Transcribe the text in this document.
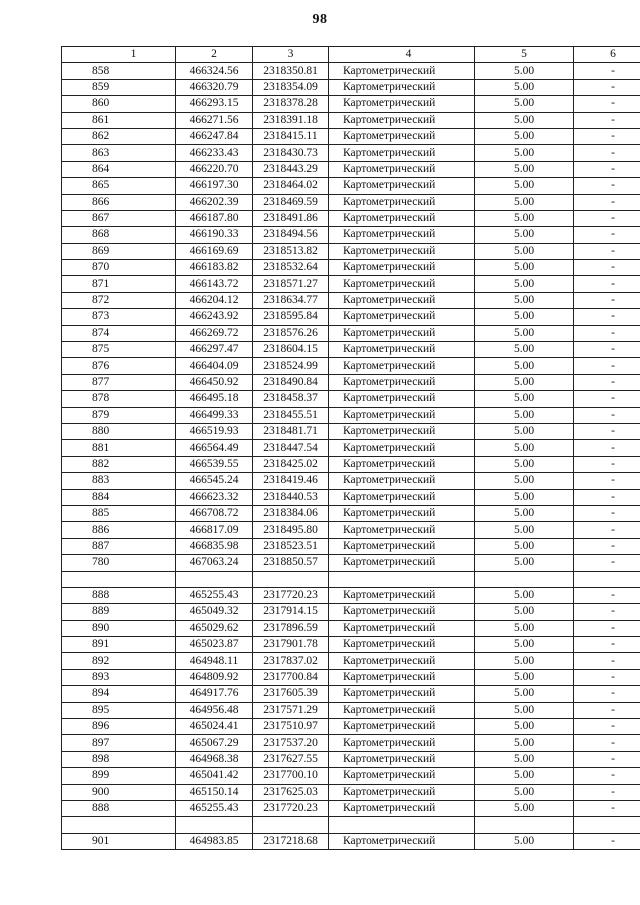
98
1	2	3	4	5	6
858	466324.56	2318350.81	Картометрический	5.00	-
859	466320.79	2318354.09	Картометрический	5.00	-
860	466293.15	2318378.28	Картометрический	5.00	-
861	466271.56	2318391.18	Картометрический	5.00	-
862	466247.84	2318415.11	Картометрический	5.00	-
863	466233.43	2318430.73	Картометрический	5.00	-
864	466220.70	2318443.29	Картометрический	5.00	-
865	466197.30	2318464.02	Картометрический	5.00	-
866	466202.39	2318469.59	Картометрический	5.00	-
867	466187.80	2318491.86	Картометрический	5.00	-
868	466190.33	2318494.56	Картометрический	5.00	-
869	466169.69	2318513.82	Картометрический	5.00	-
870	466183.82	2318532.64	Картометрический	5.00	-
871	466143.72	2318571.27	Картометрический	5.00	-
872	466204.12	2318634.77	Картометрический	5.00	-
873	466243.92	2318595.84	Картометрический	5.00	-
874	466269.72	2318576.26	Картометрический	5.00	-
875	466297.47	2318604.15	Картометрический	5.00	-
876	466404.09	2318524.99	Картометрический	5.00	-
877	466450.92	2318490.84	Картометрический	5.00	-
878	466495.18	2318458.37	Картометрический	5.00	-
879	466499.33	2318455.51	Картометрический	5.00	-
880	466519.93	2318481.71	Картометрический	5.00	-
881	466564.49	2318447.54	Картометрический	5.00	-
882	466539.55	2318425.02	Картометрический	5.00	-
883	466545.24	2318419.46	Картометрический	5.00	-
884	466623.32	2318440.53	Картометрический	5.00	-
885	466708.72	2318384.06	Картометрический	5.00	-
886	466817.09	2318495.80	Картометрический	5.00	-
887	466835.98	2318523.51	Картометрический	5.00	-
780	467063.24	2318850.57	Картометрический	5.00	-

888	465255.43	2317720.23	Картометрический	5.00	-
889	465049.32	2317914.15	Картометрический	5.00	-
890	465029.62	2317896.59	Картометрический	5.00	-
891	465023.87	2317901.78	Картометрический	5.00	-
892	464948.11	2317837.02	Картометрический	5.00	-
893	464809.92	2317700.84	Картометрический	5.00	-
894	464917.76	2317605.39	Картометрический	5.00	-
895	464956.48	2317571.29	Картометрический	5.00	-
896	465024.41	2317510.97	Картометрический	5.00	-
897	465067.29	2317537.20	Картометрический	5.00	-
898	464968.38	2317627.55	Картометрический	5.00	-
899	465041.42	2317700.10	Картометрический	5.00	-
900	465150.14	2317625.03	Картометрический	5.00	-
888	465255.43	2317720.23	Картометрический	5.00	-

901	464983.85	2317218.68	Картометрический	5.00	-
